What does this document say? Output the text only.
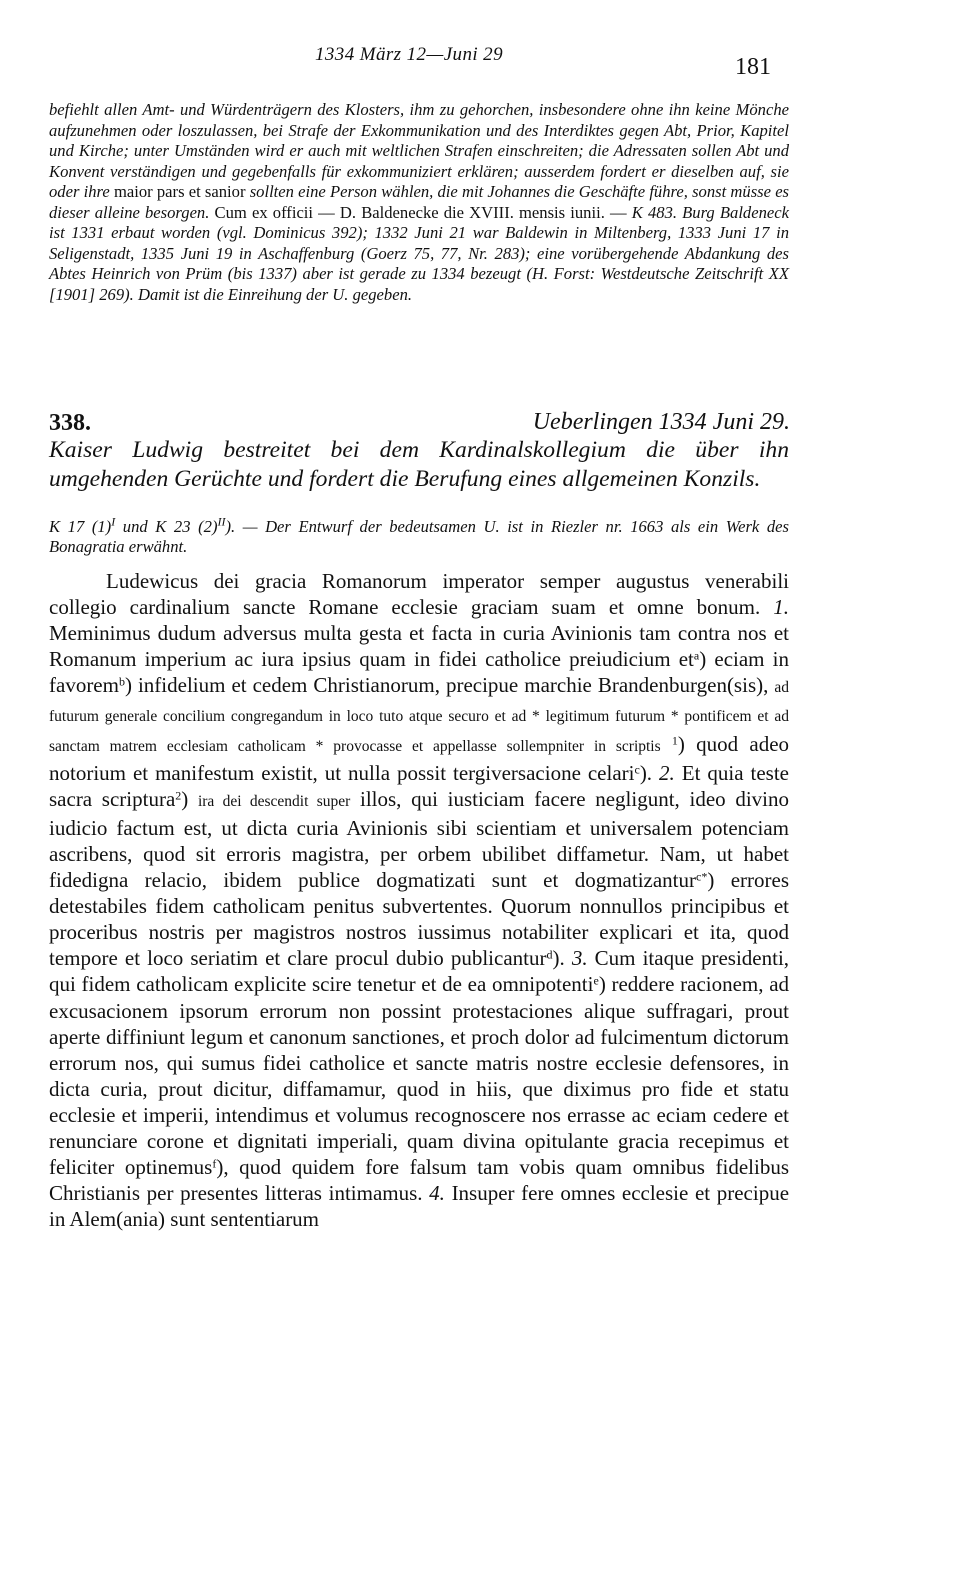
1334 März 12—Juni 29	181

befiehlt allen Amt- und Würdenträgern des Klosters, ihm zu gehorchen, insbesondere ohne ihn keine Mönche aufzunehmen oder loszulassen, bei Strafe der Exkommunikation und des Interdiktes gegen Abt, Prior, Kapitel und Kirche; unter Umständen wird er auch mit weltlichen Strafen einschreiten; die Adressaten sollen Abt und Konvent verständigen und gegebenfalls für exkommuniziert erklären; ausserdem fordert er dieselben auf, sie oder ihre maior pars et sanior sollten eine Person wählen, die mit Johannes die Geschäfte führe, sonst müsse es dieser alleine besorgen. Cum ex officii — D. Baldenecke die XVIII. mensis iunii. — K 483. Burg Baldeneck ist 1331 erbaut worden (vgl. Dominicus 392); 1332 Juni 21 war Baldewin in Miltenberg, 1333 Juni 17 in Seligenstadt, 1335 Juni 19 in Aschaffenburg (Goerz 75, 77, Nr. 283); eine vorübergehende Abdankung des Abtes Heinrich von Prüm (bis 1337) aber ist gerade zu 1334 bezeugt (H. Forst: Westdeutsche Zeitschrift XX [1901] 269). Damit ist die Einreihung der U. gegeben.

338.	Ueberlingen 1334 Juni 29.

Kaiser Ludwig bestreitet bei dem Kardinalskollegium die über ihn umgehenden Gerüchte und fordert die Berufung eines allgemeinen Konzils.

K 17 $(1)^I$ und K 23 $(2)^{II}$). — Der Entwurf der bedeutsamen U. ist in Riezler nr. 1663 als ein Werk des Bonagratia erwähnt.

Ludewicus dei gracia Romanorum imperator semper augustus venerabili collegio cardinalium sancte Romane ecclesie graciam suam et omne bonum. 1. Meminimus dudum adversus multa gesta et facta in curia Avinionis tam contra nos et Romanum imperium ac iura ipsius quam in fidei catholice preiudicium $et^a$) eciam in favorem$^b$) infidelium et cedem Christianorum, precipue marchie Brandenburgen(sis), ad futurum generale concilium congregandum in loco tuto atque securo et ad * legitimum futurum * pontificem et ad sanctam matrem ecclesiam catholicam * provocasse et appellasse sollempniter in scriptis $^1$) quod adeo notorium et manifestum existit, ut nulla possit tergiversacione celari$^c$). 2. Et quia teste sacra scriptura$^2$) ira dei descendit super illos, qui iusticiam facere negligunt, ideo divino iudicio factum est, ut dicta curia Avinionis sibi scientiam et universalem potenciam ascribens, quod sit erroris magistra, per orbem ubilibet diffametur. Nam, ut habet fidedigna relacio, ibidem publice dogmatizati sunt et dogmatizantur$^{c*}$) errores detestabiles fidem catholicam penitus subvertentes. Quorum nonnullos principibus et proceribus nostris per magistros nostros iussimus notabiliter explicari et ita, quod tempore et loco seriatim et clare procul dubio publicantur$^d$). 3. Cum itaque presidenti, qui fidem catholicam explicite scire tenetur et de ea omnipotenti$^e$) reddere racionem, ad excusacionem ipsorum errorum non possint protestaciones alique suffragari, prout aperte diffiniunt legum et canonum sanctiones, et proch dolor ad fulcimentum dictorum errorum nos, qui sumus fidei catholice et sancte matris nostre ecclesie defensores, in dicta curia, prout dicitur, diffamamur, quod in hiis, que diximus pro fide et statu ecclesie et imperii, intendimus et volumus recognoscere nos errasse ac eciam cedere et renunciare corone et dignitati imperiali, quam divina opitulante gracia recepimus et feliciter optinemus$^f$), quod quidem fore falsum tam vobis quam omnibus fidelibus Christianis per presentes litteras intimamus. 4. Insuper fere omnes ecclesie et precipue in Alem(ania) sunt sententiarum
